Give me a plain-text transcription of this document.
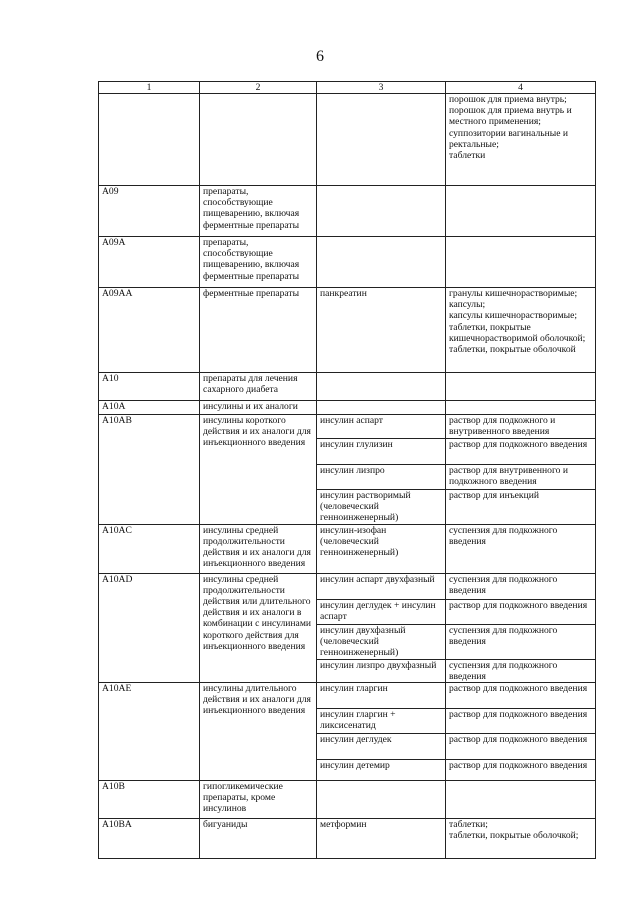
6
1	2	3	4

			порошок для приема внутрь;
порошок для приема внутрь и местного применения;
суппозитории вагинальные и ректальные;
таблетки

A09	препараты, способствующие пищеварению, включая ферментные препараты		
A09A	препараты, способствующие пищеварению, включая ферментные препараты		
A09AA	ферментные препараты	панкреатин	гранулы кишечнорастворимые;
капсулы;
капсулы кишечнорастворимые;
таблетки, покрытые кишечнорастворимой оболочкой;
таблетки, покрытые оболочкой

A10	препараты для лечения сахарного диабета		
A10A	инсулины и их аналоги		
A10AB	инсулины короткого действия и их аналоги для инъекционного введения	инсулин аспарт	раствор для подкожного и внутривенного введения

		инсулин глулизин	раствор для подкожного введения

		инсулин лизпро	раствор для внутривенного и подкожного введения

		инсулин растворимый (человеческий генноинженерный)	раствор для инъекций

A10AC	инсулины средней продолжительности действия и их аналоги для инъекционного введения	инсулин-изофан (человеческий генноинженерный)	суспензия для подкожного введения

A10AD	инсулины средней продолжительности действия или длительного действия и их аналоги в комбинации с инсулинами короткого действия для инъекционного введения	инсулин аспарт двухфазный	суспензия для подкожного введения

		инсулин деглудек + инсулин аспарт	раствор для подкожного введения

		инсулин двухфазный (человеческий генноинженерный)	суспензия для подкожного введения

		инсулин лизпро двухфазный	суспензия для подкожного введения

A10AE	инсулины длительного действия и их аналоги для инъекционного введения	инсулин гларгин	раствор для подкожного введения

		инсулин гларгин + ликсисенатид	раствор для подкожного введения

		инсулин деглудек	раствор для подкожного введения

		инсулин детемир	раствор для подкожного введения

A10B	гипогликемические препараты, кроме инсулинов		
A10BA	бигуаниды	метформин	таблетки;
таблетки, покрытые оболочкой;
